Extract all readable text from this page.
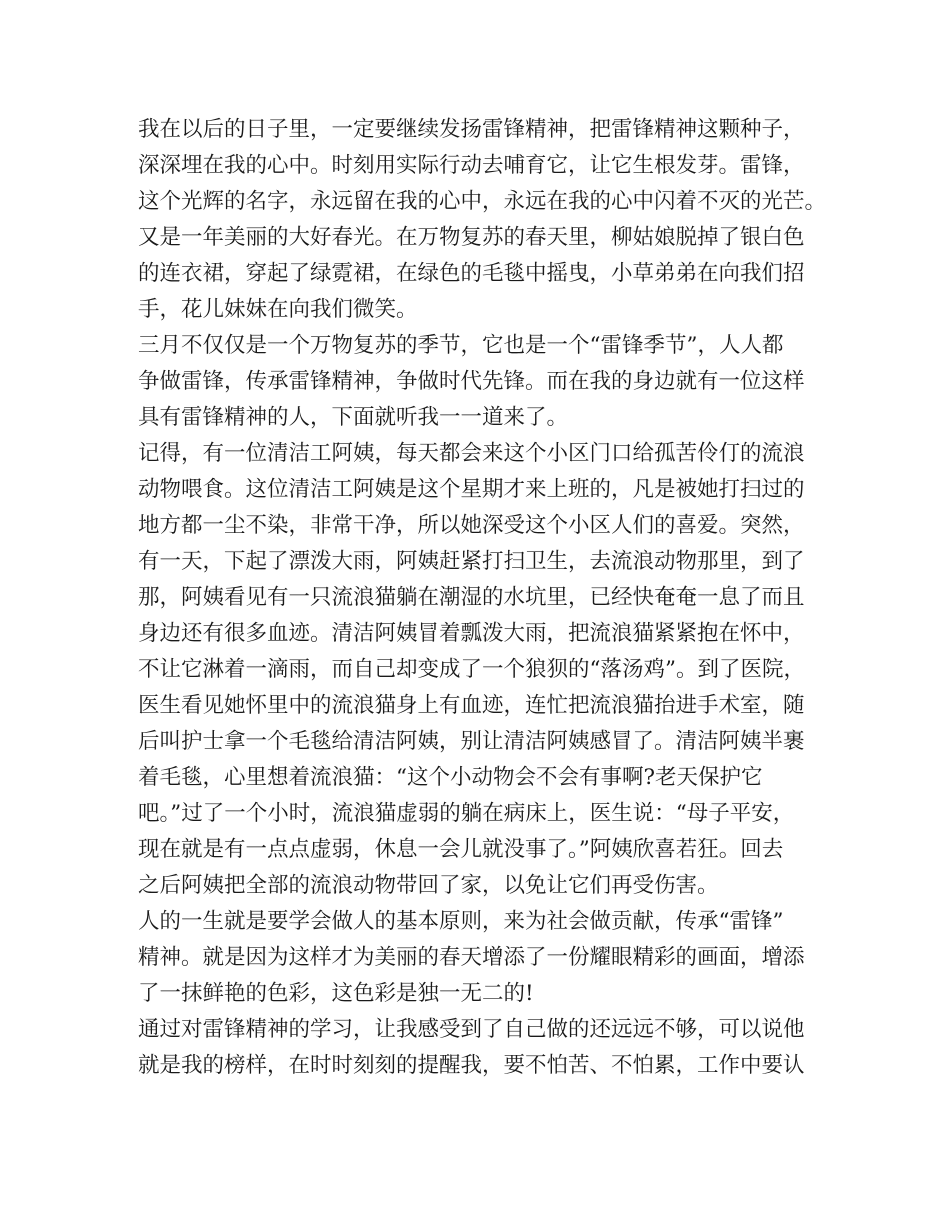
我在以后的日子里，一定要继续发扬雷锋精神，把雷锋精神这颗种子，
深深埋在我的心中。时刻用实际行动去哺育它，让它生根发芽。雷锋，
这个光辉的名字，永远留在我的心中，永远在我的心中闪着不灭的光芒。
又是一年美丽的大好春光。在万物复苏的春天里，柳姑娘脱掉了银白色
的连衣裙，穿起了绿霓裙，在绿色的毛毯中摇曳，小草弟弟在向我们招
手，花儿妹妹在向我们微笑。
三月不仅仅是一个万物复苏的季节，它也是一个“雷锋季节”，人人都
争做雷锋，传承雷锋精神，争做时代先锋。而在我的身边就有一位这样
具有雷锋精神的人，下面就听我一一道来了。
记得，有一位清洁工阿姨，每天都会来这个小区门口给孤苦伶仃的流浪
动物喂食。这位清洁工阿姨是这个星期才来上班的，凡是被她打扫过的
地方都一尘不染，非常干净，所以她深受这个小区人们的喜爱。突然，
有一天，下起了漂泼大雨，阿姨赶紧打扫卫生，去流浪动物那里，到了
那，阿姨看见有一只流浪猫躺在潮湿的水坑里，已经快奄奄一息了而且
身边还有很多血迹。清洁阿姨冒着瓢泼大雨，把流浪猫紧紧抱在怀中，
不让它淋着一滴雨，而自己却变成了一个狼狈的“落汤鸡”。到了医院，
医生看见她怀里中的流浪猫身上有血迹，连忙把流浪猫抬进手术室，随
后叫护士拿一个毛毯给清洁阿姨，别让清洁阿姨感冒了。清洁阿姨半裹
着毛毯，心里想着流浪猫：“这个小动物会不会有事啊?老天保护它
吧。”过了一个小时，流浪猫虚弱的躺在病床上，医生说：“母子平安，
现在就是有一点点虚弱，休息一会儿就没事了。”阿姨欣喜若狂。回去
之后阿姨把全部的流浪动物带回了家，以免让它们再受伤害。
人的一生就是要学会做人的基本原则，来为社会做贡献，传承“雷锋”
精神。就是因为这样才为美丽的春天增添了一份耀眼精彩的画面，增添
了一抹鲜艳的色彩，这色彩是独一无二的!
通过对雷锋精神的学习，让我感受到了自己做的还远远不够，可以说他
就是我的榜样，在时时刻刻的提醒我，要不怕苦、不怕累，工作中要认
